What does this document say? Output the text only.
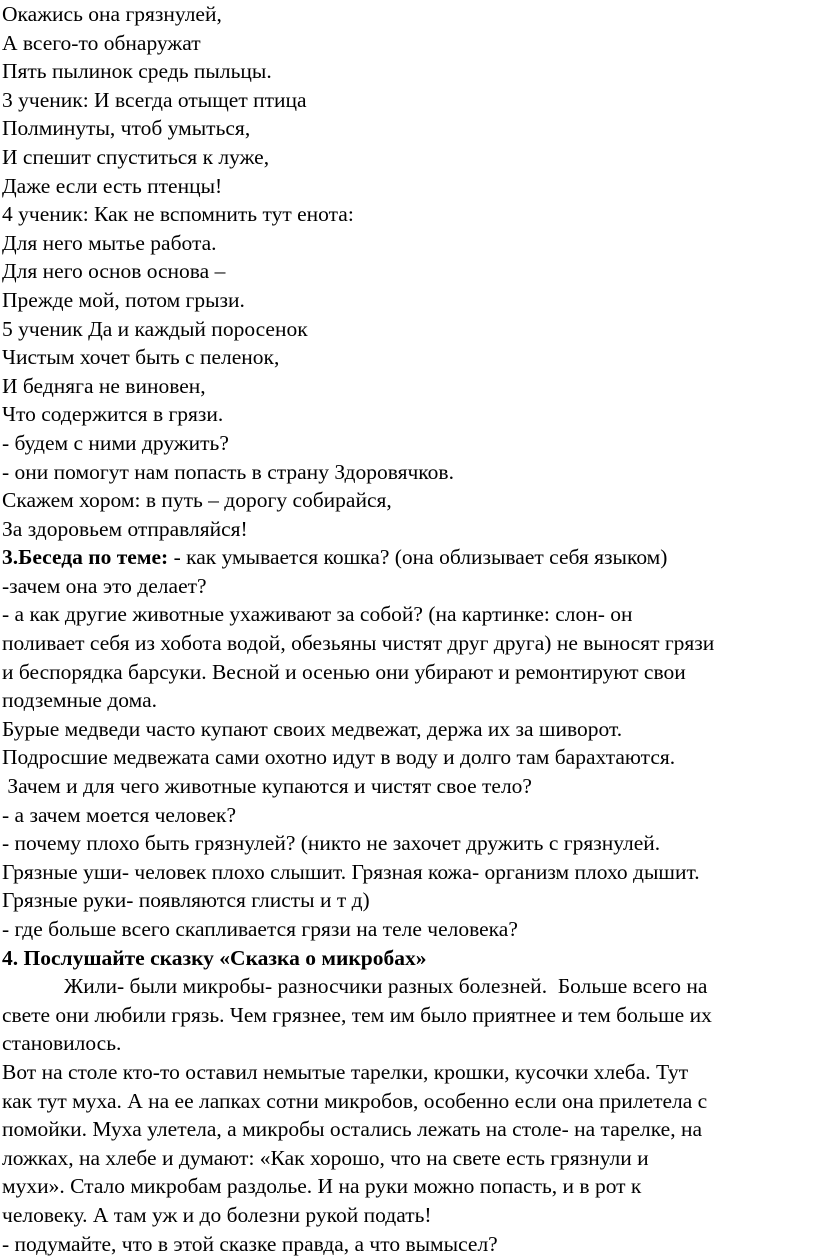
Окажись она грязнулей,
А всего-то обнаружат
Пять пылинок средь пыльцы.
3 ученик: И всегда отыщет птица
Полминуты, чтоб умыться,
И спешит спуститься к луже,
Даже если есть птенцы!
4 ученик: Как не вспомнить тут енота:
Для него мытье работа.
Для него основ основа –
Прежде мой, потом грызи.
5 ученик Да и каждый поросенок
Чистым хочет быть с пеленок,
И бедняга не виновен,
Что содержится в грязи.
- будем с ними дружить?
- они помогут нам попасть в страну Здоровячков.
Скажем хором: в путь – дорогу собирайся,
За здоровьем отправляйся!
3.Беседа по теме: - как умывается кошка? (она облизывает себя языком)
-зачем она это делает?
- а как другие животные ухаживают за собой? (на картинке: слон- он
поливает себя из хобота водой, обезьяны чистят друг друга) не выносят грязи
и беспорядка барсуки. Весной и осенью они убирают и ремонтируют свои
подземные дома.
Бурые медведи часто купают своих медвежат, держа их за шиворот.
Подросшие медвежата сами охотно идут в воду и долго там барахтаются.
Зачем и для чего животные купаются и чистят свое тело?
- а зачем моется человек?
- почему плохо быть грязнулей? (никто не захочет дружить с грязнулей.
Грязные уши- человек плохо слышит. Грязная кожа- организм плохо дышит.
Грязные руки- появляются глисты и т д)
- где больше всего скапливается грязи на теле человека?
4. Послушайте сказку «Сказка о микробах»
Жили- были микробы- разносчики разных болезней.  Больше всего на
свете они любили грязь. Чем грязнее, тем им было приятнее и тем больше их
становилось.
Вот на столе кто-то оставил немытые тарелки, крошки, кусочки хлеба. Тут
как тут муха. А на ее лапках сотни микробов, особенно если она прилетела с
помойки. Муха улетела, а микробы остались лежать на столе- на тарелке, на
ложках, на хлебе и думают: «Как хорошо, что на свете есть грязнули и
мухи». Стало микробам раздолье. И на руки можно попасть, и в рот к
человеку. А там уж и до болезни рукой подать!
- подумайте, что в этой сказке правда, а что вымысел?
